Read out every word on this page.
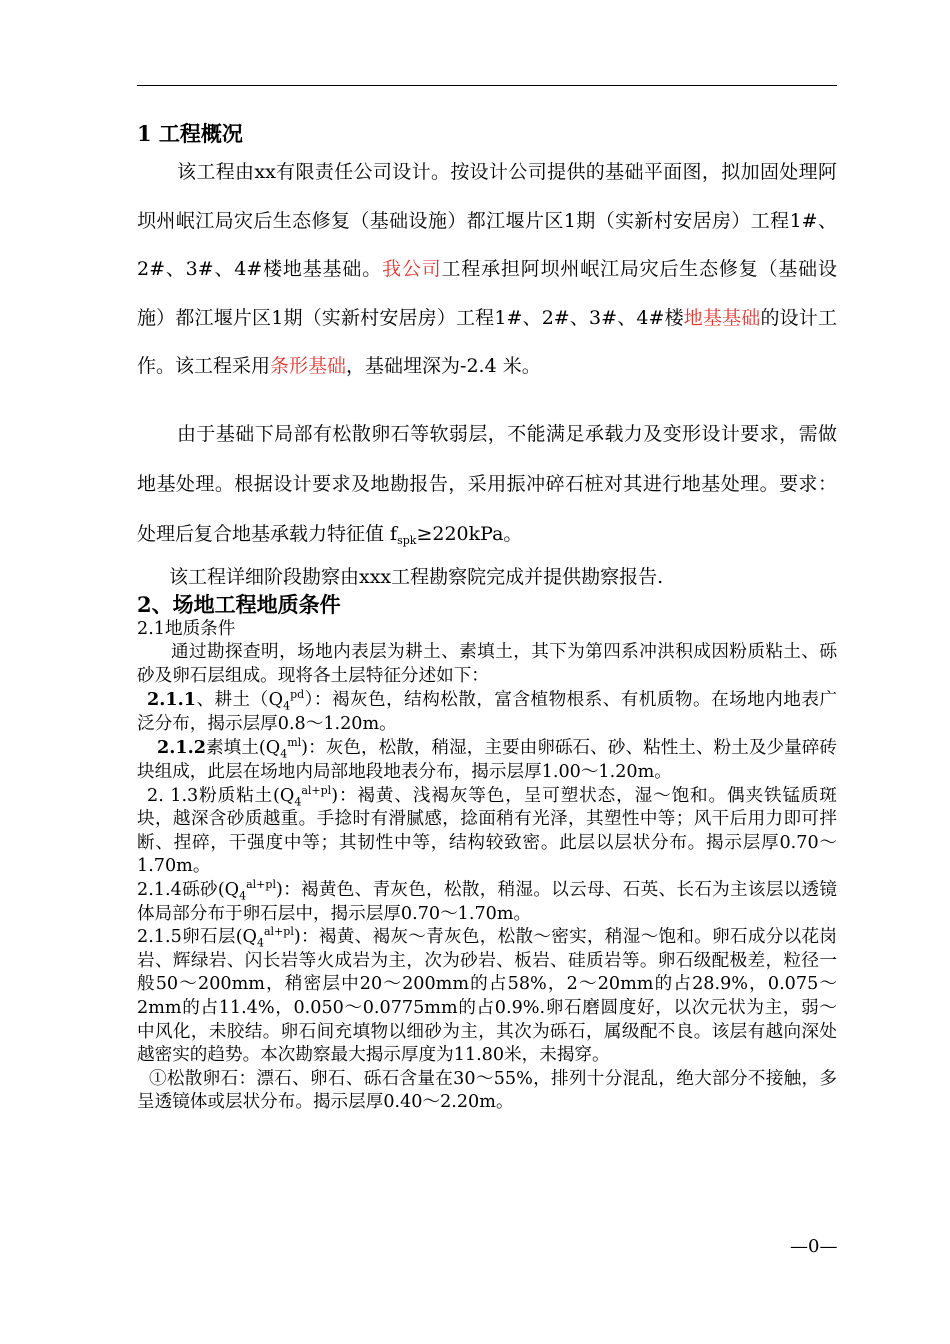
1 工程概况

该工程由xx有限责任公司设计。按设计公司提供的基础平面图，拟加固处理阿坝州岷江局灾后生态修复（基础设施）都江堰片区1期（实新村安居房）工程1#、2#、3#、4#楼地基基础。我公司工程承担阿坝州岷江局灾后生态修复（基础设施）都江堰片区1期（实新村安居房）工程1#、2#、3#、4#楼地基基础的设计工作。该工程采用条形基础，基础埋深为-2.4 米。

由于基础下局部有松散卵石等软弱层，不能满足承载力及变形设计要求，需做地基处理。根据设计要求及地勘报告，采用振冲碎石桩对其进行地基处理。要求：处理后复合地基承载力特征值 $f_{spk}\ge 220kPa$。

该工程详细阶段勘察由xxx工程勘察院完成并提供勘察报告.

2、场地工程地质条件

2.1地质条件

通过勘探查明，场地内表层为耕土、素填土，其下为第四系冲洪积成因粉质粘土、砾砂及卵石层组成。现将各土层特征分述如下：

2.1.1、耕土$(Q_4^{pd})$：褐灰色，结构松散，富含植物根系、有机质物。在场地内地表广泛分布，揭示层厚0.8～1.20m。

2.1.2素填土$(Q_4^{ml})$：灰色，松散，稍湿，主要由卵砾石、砂、粘性土、粉土及少量碎砖块组成，此层在场地内局部地段地表分布，揭示层厚1.00～1.20m。

2. 1.3粉质粘土$(Q_4^{al+pl})$：褐黄、浅褐灰等色，呈可塑状态，湿～饱和。偶夹铁锰质斑块，越深含砂质越重。手捻时有滑腻感，捻面稍有光泽，其塑性中等；风干后用力即可拌断、捏碎，干强度中等；其韧性中等，结构较致密。此层以层状分布。揭示层厚0.70～1.70m。

2.1.4砾砂$(Q_4^{al+pl})$：褐黄色、青灰色，松散，稍湿。以云母、石英、长石为主该层以透镜体局部分布于卵石层中，揭示层厚0.70～1.70m。

2.1.5卵石层$(Q_4^{al+pl})$：褐黄、褐灰～青灰色，松散～密实，稍湿～饱和。卵石成分以花岗岩、辉绿岩、闪长岩等火成岩为主，次为砂岩、板岩、硅质岩等。卵石级配极差，粒径一般50～200mm，稍密层中20～200mm的占58%，2～20mm的占28.9%，0.075～2mm的占11.4%，0.050～0.0775mm的占0.9%.卵石磨圆度好，以次元状为主，弱～中风化，未胶结。卵石间充填物以细砂为主，其次为砾石，属级配不良。该层有越向深处越密实的趋势。本次勘察最大揭示厚度为11.80米，未揭穿。

①松散卵石：漂石、卵石、砾石含量在30～55%，排列十分混乱，绝大部分不接触，多呈透镜体或层状分布。揭示层厚0.40～2.20m。

—0—
